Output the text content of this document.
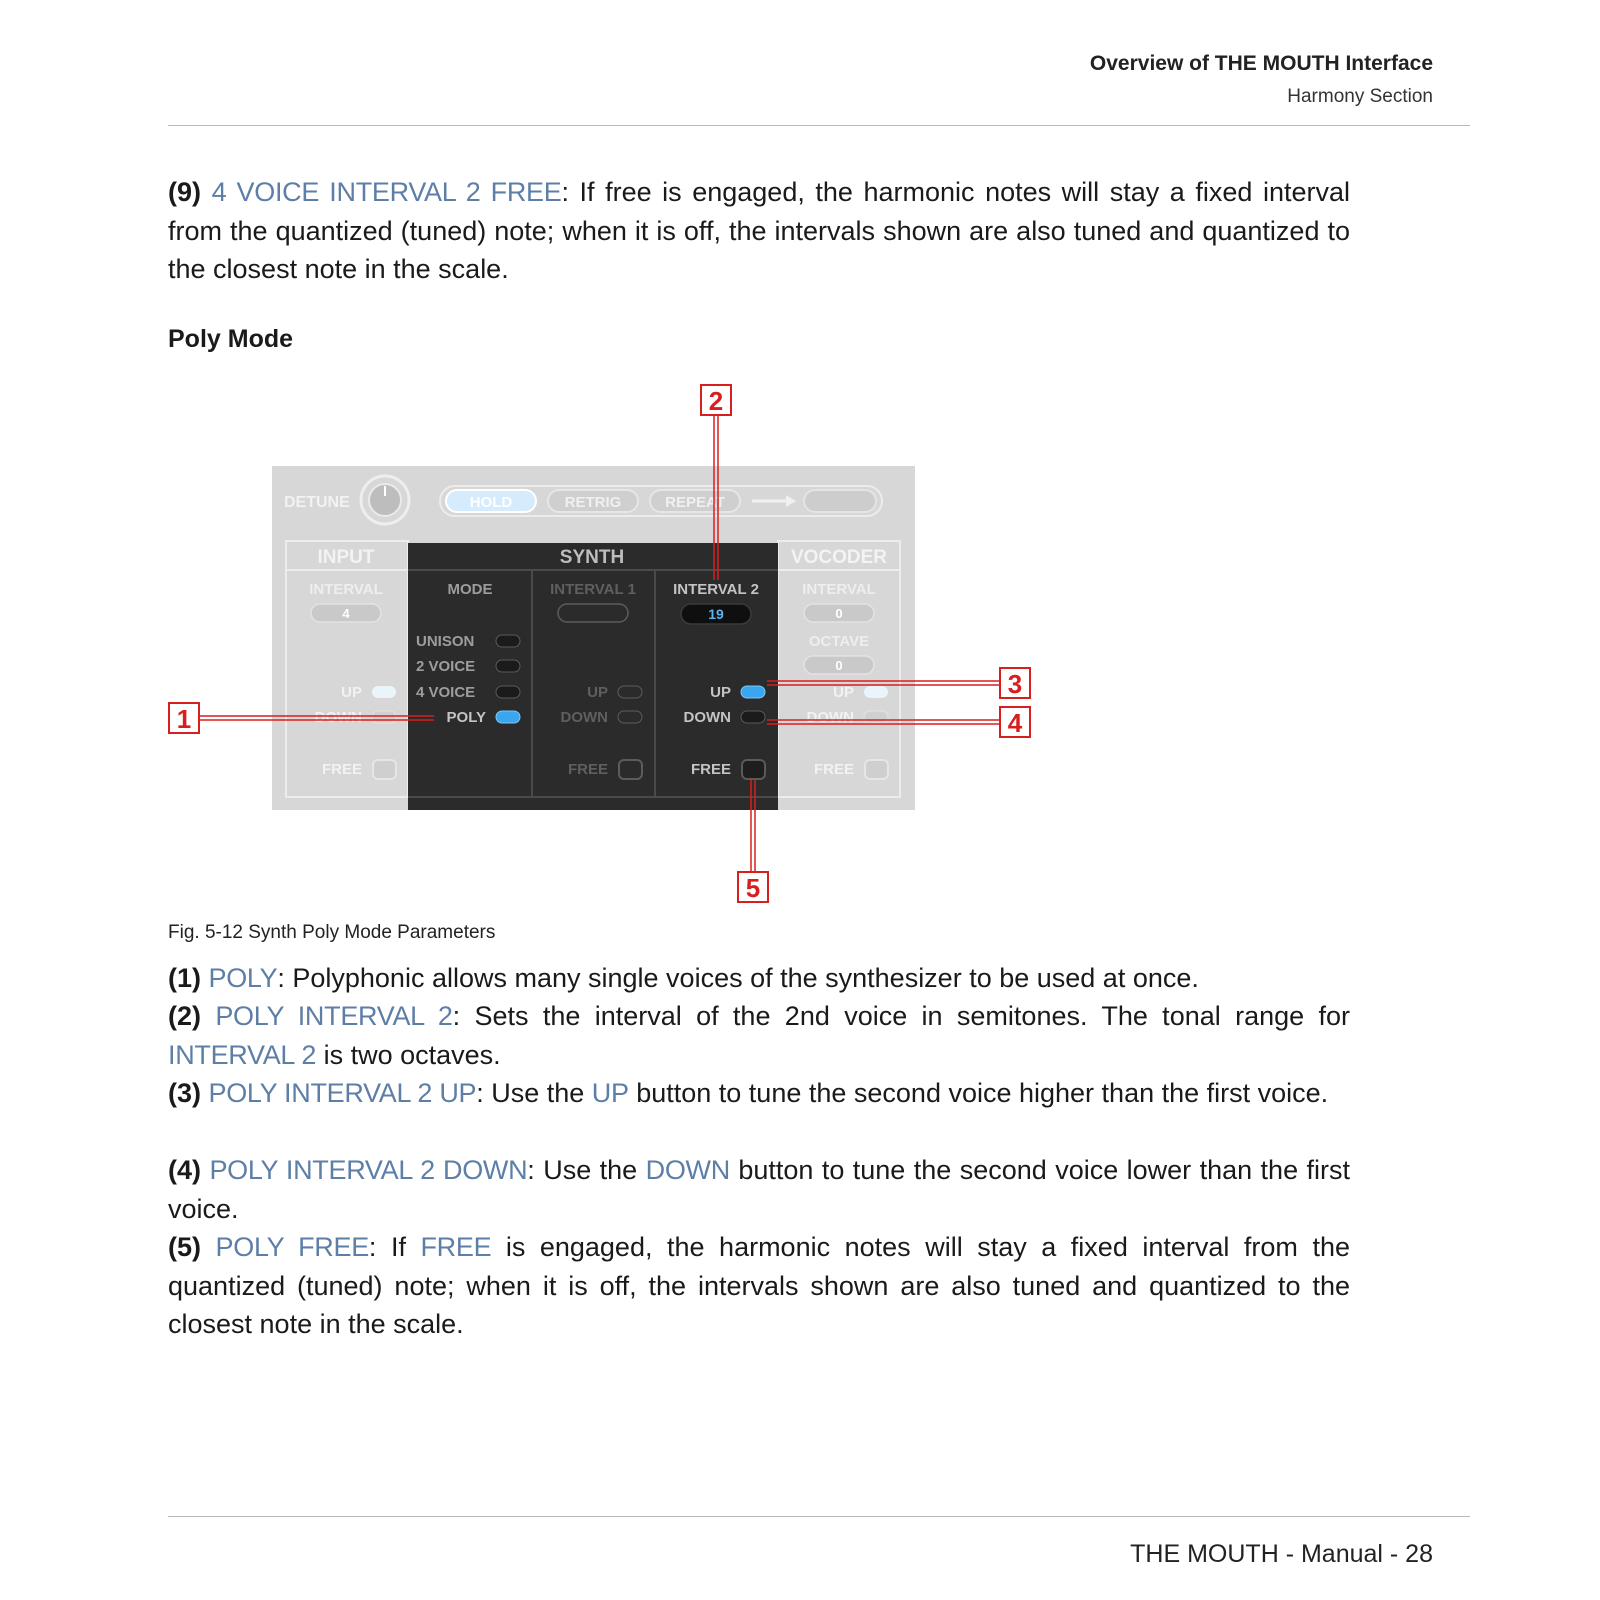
Overview of THE MOUTH Interface
Harmony Section
(9) 4 VOICE INTERVAL 2 FREE: If free is engaged, the harmonic notes will stay a fixed interval from the quantized (tuned) note; when it is off, the intervals shown are also tuned and quantized to the closest note in the scale.
Poly Mode
DETUNE	HOLD	RETRIG	REPEAT
INPUT
INTERVAL
4
UP
DOWN
FREE
VOCODER
INTERVAL
0
OCTAVE
0
UP
DOWN
FREE
SYNTH
MODE
UNISON
2 VOICE
4 VOICE
POLY
INTERVAL 1
UP
DOWN
FREE
INTERVAL 2
19
UP
DOWN
FREE
1
2
3
4
5
Fig. 5-12 Synth Poly Mode Parameters
(1) POLY: Polyphonic allows many single voices of the synthesizer to be used at once.
(2) POLY INTERVAL 2: Sets the interval of the 2nd voice in semitones. The tonal range for INTERVAL 2 is two octaves.
(3) POLY INTERVAL 2 UP: Use the UP button to tune the second voice higher than the first voice.
(4) POLY INTERVAL 2 DOWN: Use the DOWN button to tune the second voice lower than the first voice.
(5) POLY FREE: If FREE is engaged, the harmonic notes will stay a fixed interval from the quantized (tuned) note; when it is off, the intervals shown are also tuned and quantized to the closest note in the scale.
THE MOUTH - Manual - 28
